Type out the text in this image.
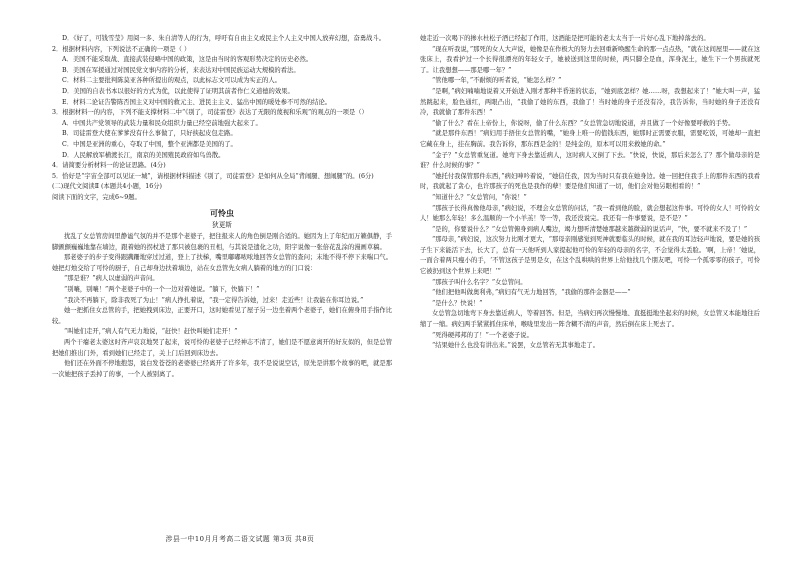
D．《好了，可钱雪莹》用阅一多、朱自清等人的行为，呼吁有自由主义或民主个人主义中国人放弃幻想，奋勇战斗。

2．根据材料内容，下列说法不正确的一项是（ ）

A．美国不能采取战、直接武装侵略中国的政策，这是由当时的客观形势决定的历史必然。

B．美国在军援通过对国民党文事内容的分析，来表达对中国民族运动大规模的看法。

C．材料二主要批判陈莫亚各种所提出的观点，以此标志文可以成为实正的人。

D．美国的自表书本以很好的方式为优，以此使得了证明其前者作仁义道德的效果。

E．材料二论证告警陈否国主义对中国的救元主、进民主主义、猛出中国的暖处参不可然的结论。

3．根据材料一的内容，下列不能支撑材料二中“《别了，司徒雷登》表达了无限的蔑视和乐观”的观点的一项是（）

A．中国共产党领导的武装力量和民众组织力量已经空前地强大起来了。

B．司徒雷登大使在爹爹没有什么事做了，只好挟起皮包走路。

C．中国是亚洲的重心，夺取了中国，整个亚洲都是美国的了。

D．人民解放军横渡长江，南京的美国殖民政府如鸟兽散。

4．请简要分析材料一的论证思路。(4分)

5．恰好是“宇宙全部可以见证一城”，请根据材料描述《别了，司徒雷登》是如何从全局“背闹腿、想闹腿”的。(6分)

(二)现代文阅读Ⅱ (本题共4小题，16分)

阅读下面的文字，完成6~9题。

可怜虫
狄更斯

扰乱了女总管房间里静谧气氛的并不是那个老婆子，把往报来人的角色倒是刚合适的。她因为上了年纪而万籁俱静，手脚颤颤巍巍地靠在墙边，跟着她的拐杖进了那只被包裹的丑相，与其说是遗化之功，阳宇说像一张倍花乱涂的漫画草稿。

那老婆子的步子变得跟蹒跚地穿过过道，登上了扶梯，嘴里嘟嘟哝哝地回答女总管的查问；末地不得不停下来喘口气。她把灯烛交给了可怜的厨子，自己却身边扶着墙边，站在女总管先女病人躺着的地方的门口说：

“那是谁？”病人以虚弱的声音问。

“别嚷，别嚷！”两个老婆子中的一个一边对着她说。“躺下，快躺下！”

“我决不再躺下，除非我死了为止！”病人挣扎着说，“我一定得告诉她，过来！走近些！让我能在你耳边说。”

她一把抓住女总管的手，把她拽到床边，正要开口，这时她看见了屋子另一边坐着两个老婆子，她们在俯身用手指作比较。

“叫她们走开，”病人有气无力地说，“赶快！赶快叫她们走开！”

两个干瘪老太婆这时齐声哀哀地哭了起来，说可怜的老婆子已经神志不清了，她们是不愿意离开的好友似的，但是总管把她们推出门外，看到她们已经走了，关上门后回到床边去。

他们还在外面不停地抱怨，说白发苍苍的老婆婆已经离开了许多年，我不是说说空话，原先是讲那个故事的吧，就是那一次她把孩子丢掉了的事，一个人被别离了。

她走近一次喝下的掺水杜松子酒已经起了作用，这酒能是把可能的老太太当于一片好心乱下地掉落去的。

“现在听我说，”那死的女人大声说，她像是在作极大的努力去回重新唤醒生命的那一点点热，“就在这间屋里——就在这张床上，我看护过一个长得很漂亮的年轻女子，她被送到这里的时候，两只脚全是血，浑身泥土，她生下一个男孩就死了。让我想想——那是哪一年？”

“管他哪一年，”不耐烦的听者说，“她怎么样？”

“是啊，”病妇喃喃地说着又开始进入刚才那种半昏迷的状态，“她到底怎样？她……呀，我想起来了！”她大叫一声，猛然跳起来，脸色通红，两眼凸出，“我偷了她的东西，我偷了！当时她的身子还没有冷，我告诉你，当时她的身子还没有冷，我就偷了那件东西！”

“偷了什么？看在上帝份上，你说呀，偷了什么东西？”女总管急切地说道，并且做了一个好像要呼救的手势。

“就是那件东西！”病妇用手捂住女总管的嘴，“她身上唯一的值钱东西，她那时正需要衣服，需要吃饭，可她却一直把它藏在身上，挂在胸前。我告诉你，那东西是金的！是纯金的，原本可以用来救她的命。”

“金子？”女总管重复道。她弯下身去靠近病人，这时病人又倒了下去。“快说，快说，那后来怎么了？那个做母亲的是谁？什么时候的事？”

“她托付我保管那件东西，”病妇呻吟着说，“她信任我，因为当时只有我在她身边。她一回把住我手上的那件东西的我看时，我就起了贪心，也许那孩子的死也是我作的孽！要是他们知道了一切，他们会对他另眼相看的！”

“知道什么？”女总管问，“你说！”

“那孩子长得真像他母亲，”病妇说，不理会女总管的问话，“我一看到他的脸，就会想起这件事。可怜的女人！可怜的女人！她那么年轻！多么温顺的一个小羊羔！等一等，我还没说完。我还有一件事要说，是不是？”

“是的，你要说什么？”女总管俯身到病人嘴边，竭力想听清楚她那越来越微弱的说话声，“快，要不就来不及了！”

“那母亲，”病妇说，这次努力比刚才更大，“那母亲刚感觉到死神就要临头的时候，就在我的耳边轻声地说，要是她的孩子生下来能活下去，长大了，总有一天他听到人家提起他可怜的年轻的母亲的名字，不会觉得太丢脸。‘啊，上帝！’她说，一面合着两只瘦小的手，‘不管这孩子是男是女，在这个乱哄哄的世界上给他找几个朋友吧，可怜一个孤零零的孩子，可怜它被扔到这个世界上来吧！’”

“那孩子叫什么名字？”女总管问。

“他们把他叫做奥利弗，”病妇有气无力地回答，“我偷的那件金器是——”

“是什么？快说！”

女总管急切地弯下身去靠近病人，等着回答。但是，当病妇再次慢慢地、直挺挺地坐起来的时候，女总管又本能地往后缩了一缩。病妇两手紧紧抓住床单，喉咙里发出一阵含糊不清的声音，然后倒在床上死去了。

“死得硬邦邦的了！”一个老婆子说。

“结果她什么也没有讲出来。”说罢，女总管若无其事地走了。

涉县一中10月月考高二语文试题 第3页 共8页
